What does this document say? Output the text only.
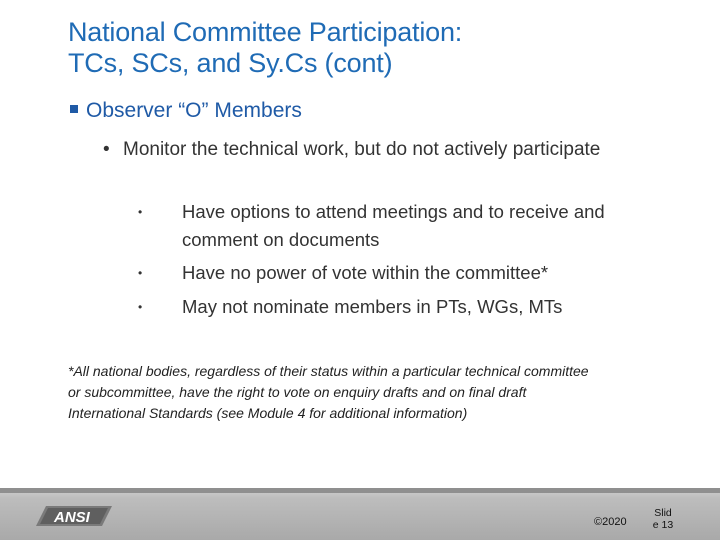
National Committee Participation:
TCs, SCs, and Sy.Cs (cont)
Observer “O” Members
• Monitor the technical work, but do not actively participate
• Have options to attend meetings and to receive and comment on documents
• Have no power of vote within the committee*
• May not nominate members in PTs, WGs, MTs
*All national bodies, regardless of their status within a particular technical committee
or subcommittee, have the right to vote on enquiry drafts and on final draft
International Standards (see Module 4 for additional information)
ANSI	©2020
Slid
e 13
